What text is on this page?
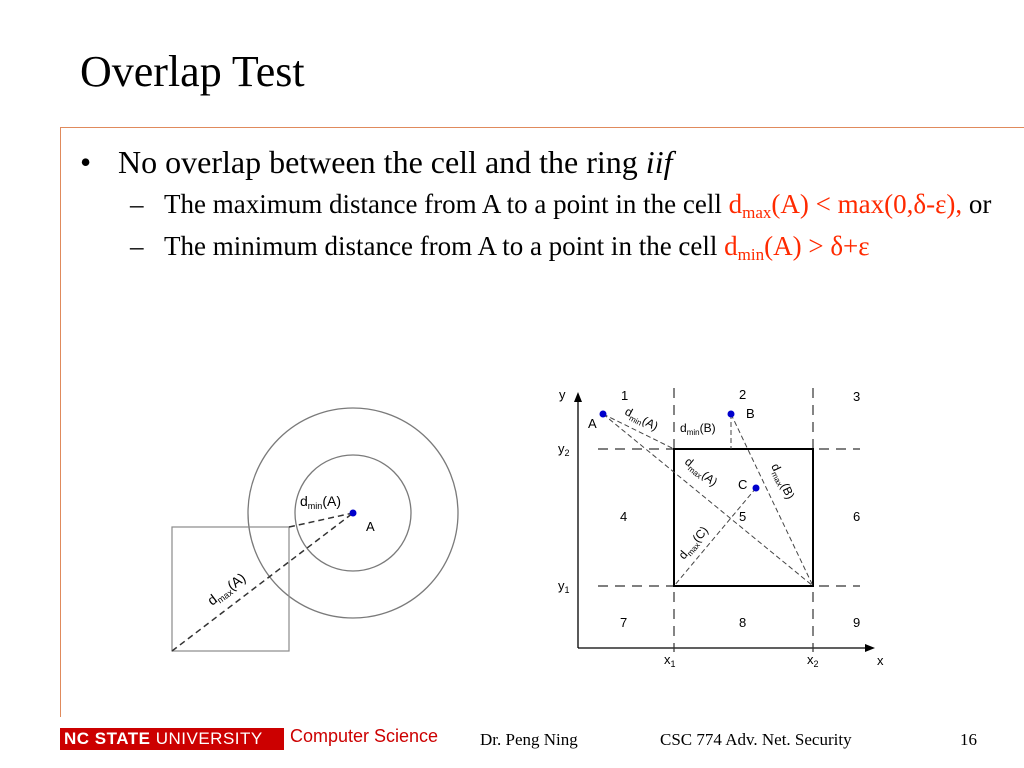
Overlap Test
• No overlap between the cell and the ring iif
– The maximum distance from A to a point in the cell $d_{max}(A) < \max(0,\delta-\varepsilon)$, or
– The minimum distance from A to a point in the cell $d_{min}(A) > \delta+\varepsilon$
A
$d_{min}(A)$
$d_{max}(A)$
y
x
$y_2$
$y_1$
$x_1$	$x_2$
1	2	3
4	5	6
7	8	9
A
B
C
$d_{min}(A)$ $d_{min}(B)$
$d_{max}(A)$
$d_{max}(B)$
$d_{max}(C)$
NC STATE UNIVERSITY	Computer Science Dr. Peng Ning	CSC 774 Adv. Net. Security	16
